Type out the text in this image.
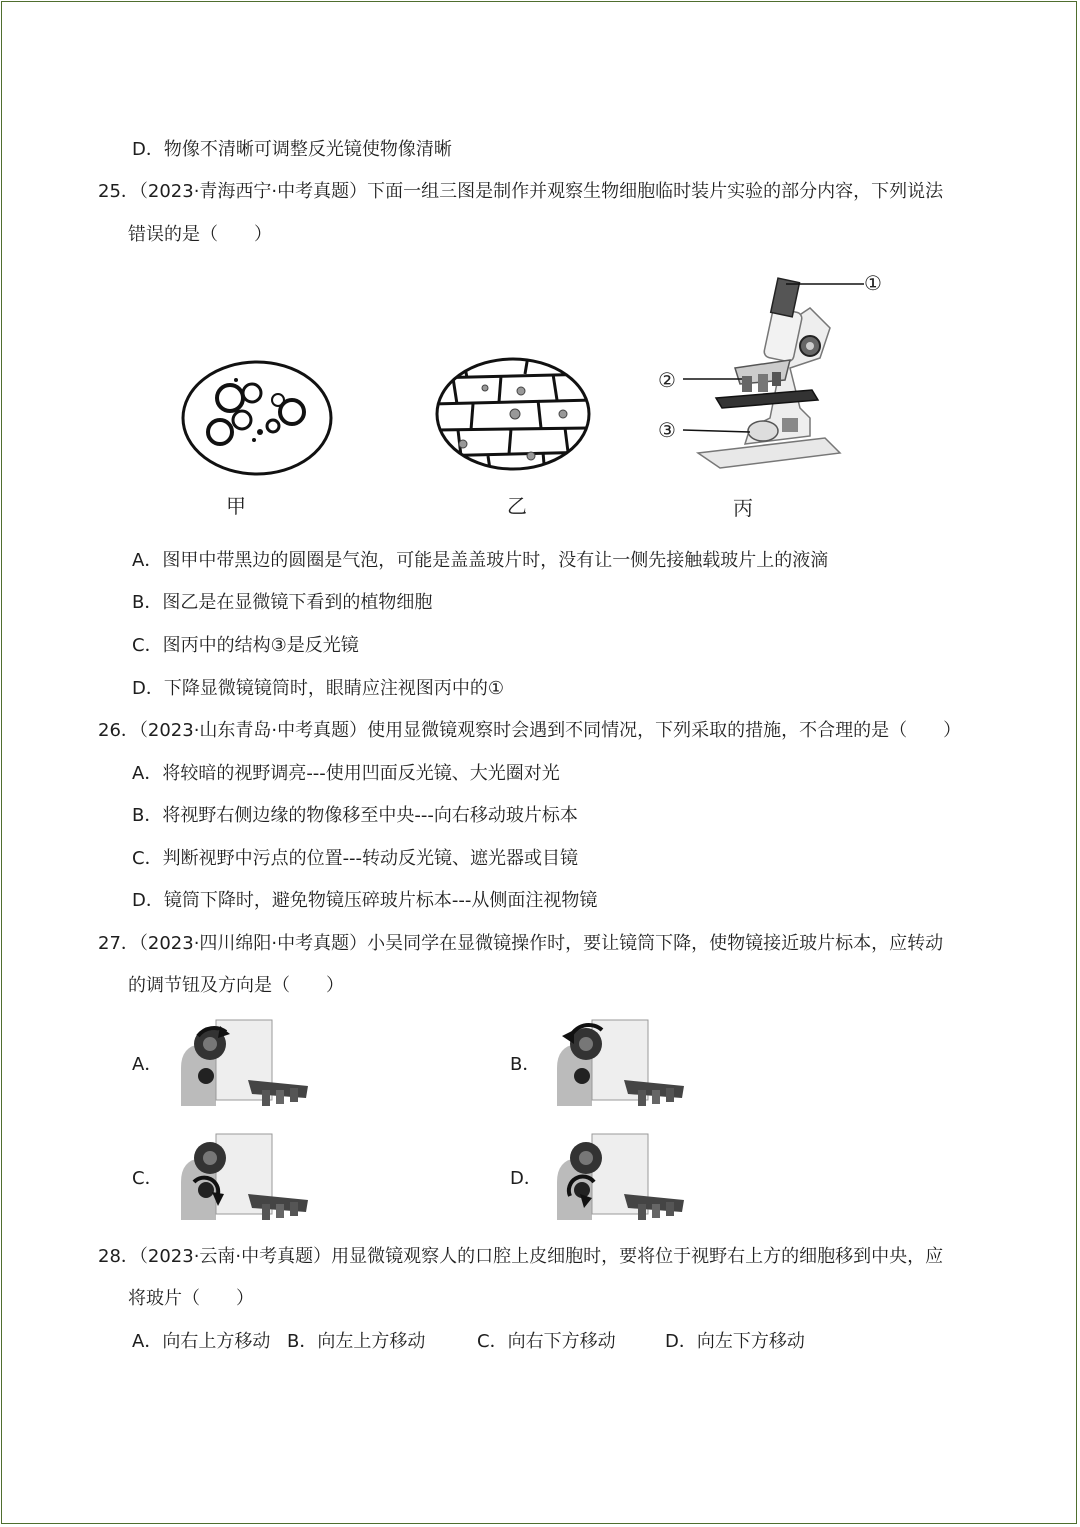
D．物像不清晰可调整反光镜使物像清晰
25．（2023·青海西宁·中考真题）下面一组三图是制作并观察生物细胞临时装片实验的部分内容，下列说法
错误的是（　　）
①
②
③
甲	乙	丙
A．图甲中带黑边的圆圈是气泡，可能是盖盖玻片时，没有让一侧先接触载玻片上的液滴
B．图乙是在显微镜下看到的植物细胞
C．图丙中的结构③是反光镜
D．下降显微镜镜筒时，眼睛应注视图丙中的①
26．（2023·山东青岛·中考真题）使用显微镜观察时会遇到不同情况，下列采取的措施，不合理的是（　　）
A．将较暗的视野调亮---使用凹面反光镜、大光圈对光
B．将视野右侧边缘的物像移至中央---向右移动玻片标本
C．判断视野中污点的位置---转动反光镜、遮光器或目镜
D．镜筒下降时，避免物镜压碎玻片标本---从侧面注视物镜
27．（2023·四川绵阳·中考真题）小吴同学在显微镜操作时，要让镜筒下降，使物镜接近玻片标本，应转动
的调节钮及方向是（　　）
A．	B．
C．	D．
28．（2023·云南·中考真题）用显微镜观察人的口腔上皮细胞时，要将位于视野右上方的细胞移到中央，应
将玻片（　　）
A．向右上方移动 B．向左上方移动	C．向右下方移动	D．向左下方移动
